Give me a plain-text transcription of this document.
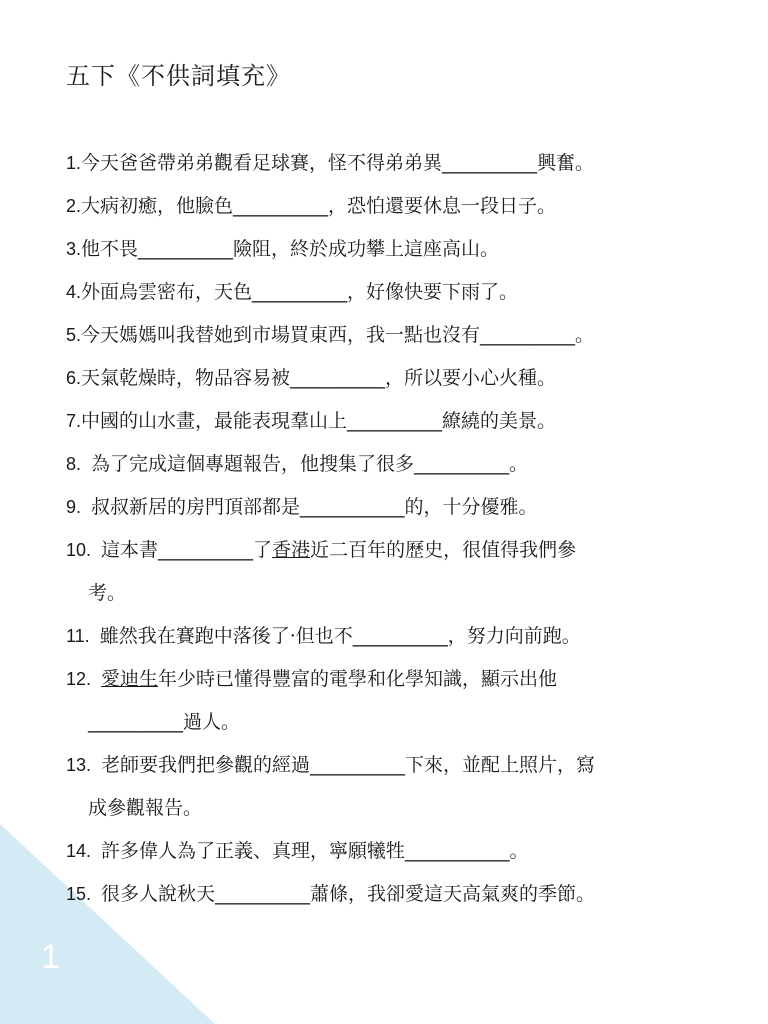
1
五下《不供詞填充》
1. 今天爸爸帶弟弟觀看足球賽，怪不得弟弟異 __________ 興奮。
2. 大病初癒，他臉色 __________ ，恐怕還要休息一段日子。
3. 他不畏 __________ 險阻，終於成功攀上這座高山。
4. 外面烏雲密布，天色 __________ ，好像快要下雨了。
5. 今天媽媽叫我替她到市場買東西，我一點也沒有 __________ 。
6. 天氣乾燥時，物品容易被 __________ ，所以要小心火種。
7. 中國的山水畫，最能表現羣山上 __________ 繚繞的美景。
8. 為了完成這個專題報告，他搜集了很多 __________ 。
9. 叔叔新居的房門頂部都是 ___________ 的，十分優雅。
10. 這本書 __________ 了 香港 近二百年的歷史，很值得我們參
考。
11. 雖然我在賽跑中落後了‧但也不 __________ ，努力向前跑。
12. 愛迪生 年少時已懂得豐富的電學和化學知識，顯示出他
__________過人。
13. 老師要我們把參觀的經過 __________ 下來，並配上照片，寫
成參觀報告。
14. 許多偉人為了正義、真理，寧願犧牲 ___________ 。
15. 很多人說秋天 __________ 蕭條，我卻愛這天高氣爽的季節。
